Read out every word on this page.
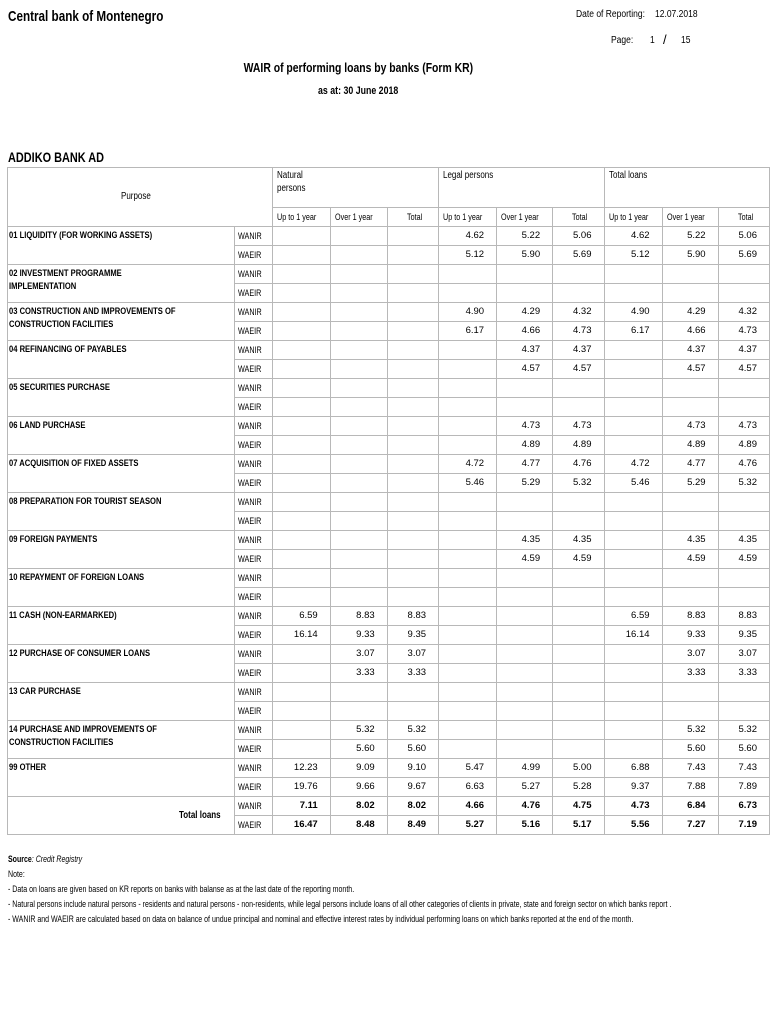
Central bank of Montenegro	Date of Reporting:	12.07.2018
Page:	1 / 15
WAIR of performing loans by banks (Form KR)
as at: 30 June 2018
ADDIKO BANK AD
Purpose		Natural persons			Legal persons			Total loans		
		Up to 1 year	Over 1 year	Total	Up to 1 year	Over 1 year	Total	Up to 1 year	Over 1 year	Total
01 LIQUIDITY (FOR WORKING ASSETS)	WANIR				4.62	5.22	5.06	4.62	5.22	5.06
	WAEIR				5.12	5.90	5.69	5.12	5.90	5.69
02 INVESTMENT PROGRAMME IMPLEMENTATION	WANIR									
	WAEIR									
03 CONSTRUCTION AND IMPROVEMENTS OF CONSTRUCTION FACILITIES	WANIR				4.90	4.29	4.32	4.90	4.29	4.32
	WAEIR				6.17	4.66	4.73	6.17	4.66	4.73
04 REFINANCING OF PAYABLES	WANIR					4.37	4.37		4.37	4.37
	WAEIR					4.57	4.57		4.57	4.57
05 SECURITIES PURCHASE	WANIR									
	WAEIR									
06 LAND PURCHASE	WANIR					4.73	4.73		4.73	4.73
	WAEIR					4.89	4.89		4.89	4.89
07 ACQUISITION OF FIXED ASSETS	WANIR				4.72	4.77	4.76	4.72	4.77	4.76
	WAEIR				5.46	5.29	5.32	5.46	5.29	5.32
08 PREPARATION FOR TOURIST SEASON	WANIR									
	WAEIR									
09 FOREIGN PAYMENTS	WANIR					4.35	4.35		4.35	4.35
	WAEIR					4.59	4.59		4.59	4.59
10 REPAYMENT OF FOREIGN LOANS	WANIR									
	WAEIR									
11 CASH (NON-EARMARKED)	WANIR	6.59	8.83	8.83				6.59	8.83	8.83
	WAEIR	16.14	9.33	9.35				16.14	9.33	9.35
12 PURCHASE OF CONSUMER LOANS	WANIR		3.07	3.07					3.07	3.07
	WAEIR		3.33	3.33					3.33	3.33
13 CAR PURCHASE	WANIR									
	WAEIR									
14 PURCHASE AND IMPROVEMENTS OF CONSTRUCTION FACILITIES	WANIR		5.32	5.32					5.32	5.32
	WAEIR		5.60	5.60					5.60	5.60
99 OTHER	WANIR	12.23	9.09	9.10	5.47	4.99	5.00	6.88	7.43	7.43
	WAEIR	19.76	9.66	9.67	6.63	5.27	5.28	9.37	7.88	7.89
Total loans	WANIR	7.11	8.02	8.02	4.66	4.76	4.75	4.73	6.84	6.73
	WAEIR	16.47	8.48	8.49	5.27	5.16	5.17	5.56	7.27	7.19
Source: Credit Registry
Note:
- Data on loans are given based on KR reports on banks with balanse as at the last date of the reporting month.
- Natural persons include natural persons - residents and natural persons - non-residents, while legal persons include loans of all other categories of clients in private, state and foreign sector on which banks report .
- WANIR and WAEIR are calculated based on data on balance of undue principal and nominal and effective interest rates by individual performing loans on which banks reported at the end of the month.
